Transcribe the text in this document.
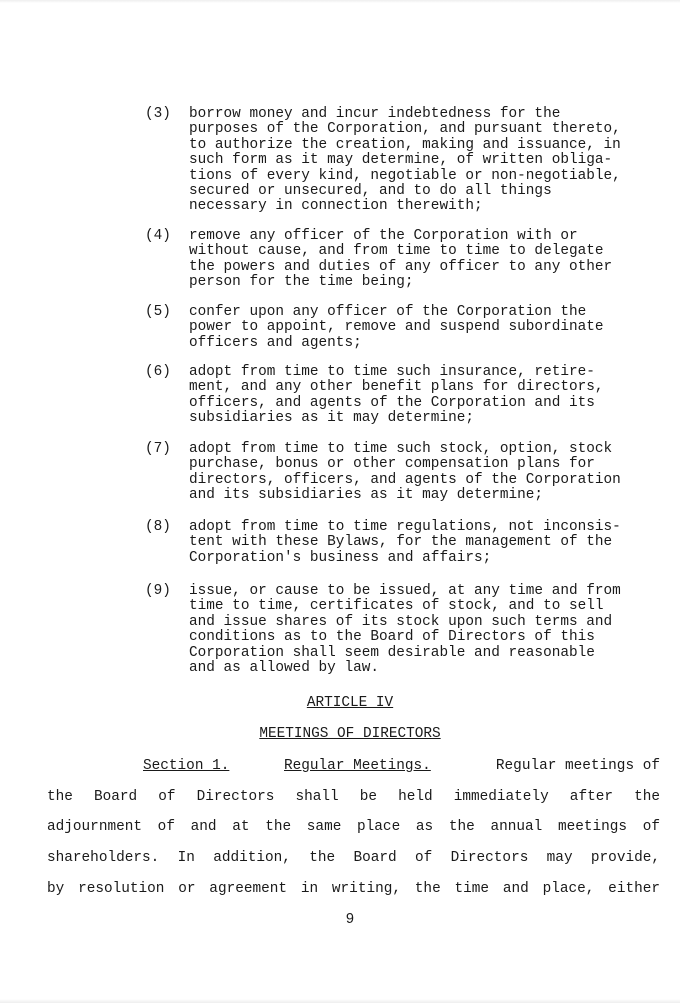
(3) borrow money and incur indebtedness for the
purposes of the Corporation, and pursuant thereto,
to authorize the creation, making and issuance, in
such form as it may determine, of written obliga-
tions of every kind, negotiable or non-negotiable,
secured or unsecured, and to do all things
necessary in connection therewith;
(4) remove any officer of the Corporation with or
without cause, and from time to time to delegate
the powers and duties of any officer to any other
person for the time being;
(5) confer upon any officer of the Corporation the
power to appoint, remove and suspend subordinate
officers and agents;
(6) adopt from time to time such insurance, retire-
ment, and any other benefit plans for directors,
officers, and agents of the Corporation and its
subsidiaries as it may determine;
(7) adopt from time to time such stock, option, stock
purchase, bonus or other compensation plans for
directors, officers, and agents of the Corporation
and its subsidiaries as it may determine;
(8) adopt from time to time regulations, not inconsis-
tent with these Bylaws, for the management of the
Corporation's business and affairs;
(9) issue, or cause to be issued, at any time and from
time to time, certificates of stock, and to sell
and issue shares of its stock upon such terms and
conditions as to the Board of Directors of this
Corporation shall seem desirable and reasonable
and as allowed by law.
ARTICLE IV
MEETINGS OF DIRECTORS
Section 1.	Regular Meetings.	Regular meetings of
the Board of Directors shall be held immediately after the
adjournment of and at the same place as the annual meetings of
shareholders. In addition, the Board of Directors may provide,
by resolution or agreement in writing, the time and place, either
9
